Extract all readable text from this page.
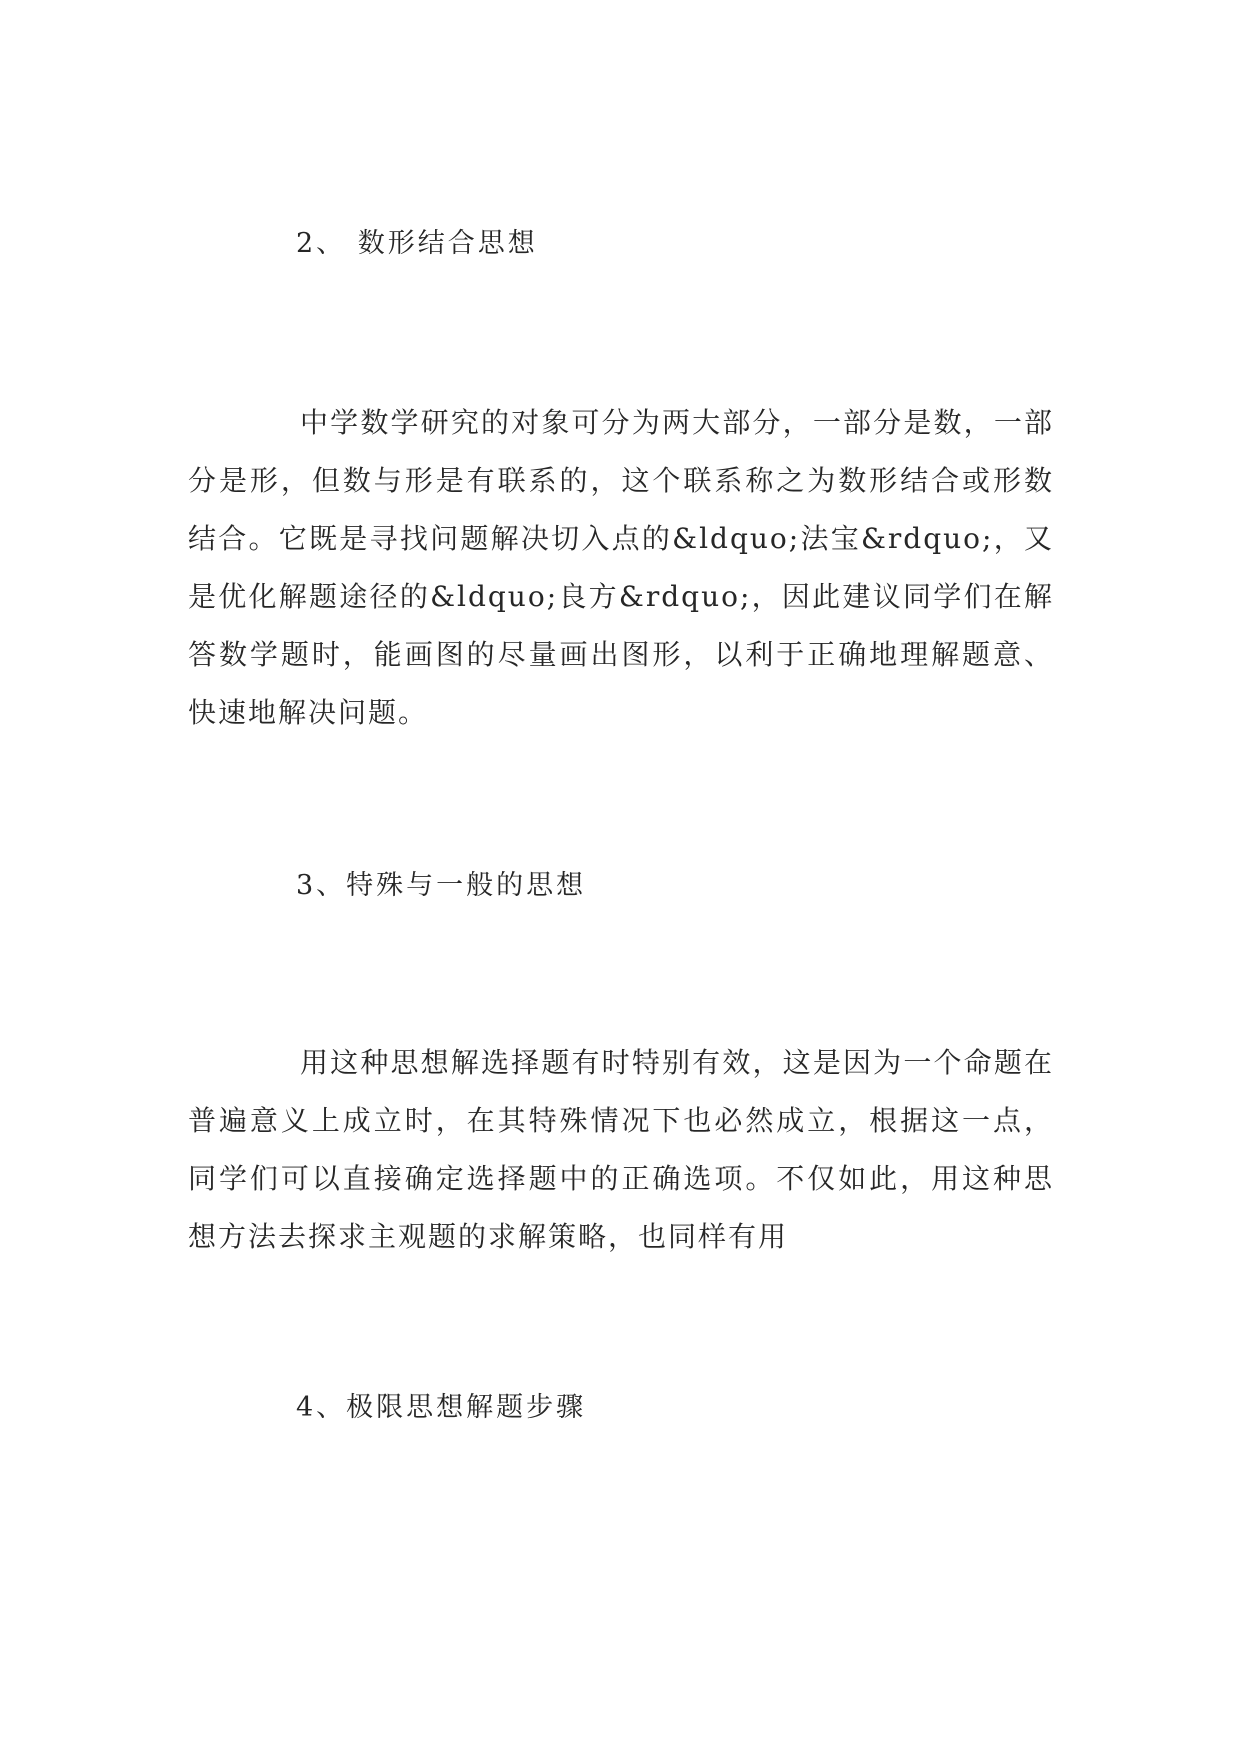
2、 数形结合思想

中学数学研究的对象可分为两大部分，一部分是数，一部分是形，但数与形是有联系的，这个联系称之为数形结合或形数结合。它既是寻找问题解决切入点的&ldquo;法宝&rdquo;，又是优化解题途径的&ldquo;良方&rdquo;，因此建议同学们在解答数学题时，能画图的尽量画出图形，以利于正确地理解题意、快速地解决问题。

3、特殊与一般的思想

用这种思想解选择题有时特别有效，这是因为一个命题在普遍意义上成立时，在其特殊情况下也必然成立，根据这一点，同学们可以直接确定选择题中的正确选项。不仅如此，用这种思想方法去探求主观题的求解策略，也同样有用

4、极限思想解题步骤
